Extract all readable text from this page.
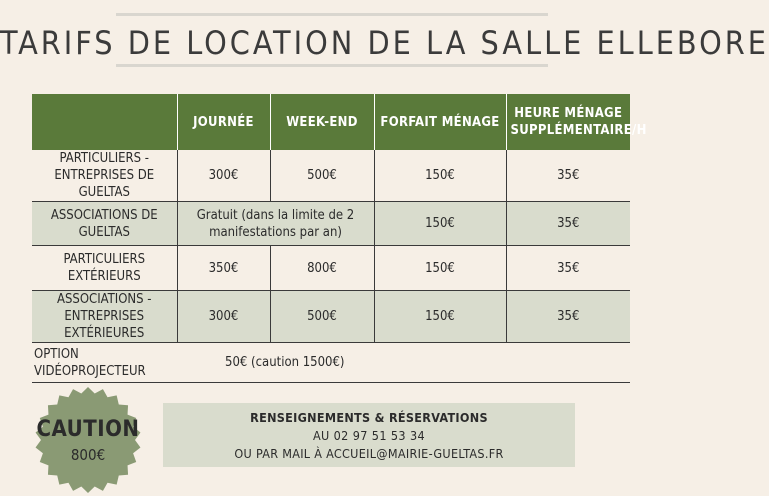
TARIFS DE LOCATION DE LA SALLE ELLEBORE
	JOURNÉE	WEEK-END	FORFAIT MÉNAGE	HEURE MÉNAGE SUPPLÉMENTAIRE/H
PARTICULIERS - ENTREPRISES DE GUELTAS	300€	500€	150€	35€
ASSOCIATIONS DE GUELTAS	Gratuit (dans la limite de 2 manifestations par an)		150€	35€
PARTICULIERS EXTÉRIEURS	350€	800€	150€	35€
ASSOCIATIONS - ENTREPRISES EXTÉRIEURES	300€	500€	150€	35€
OPTION VIDÉOPROJECTEUR	50€ (caution 1500€)			
CAUTION
800€
RENSEIGNEMENTS & RÉSERVATIONS
AU 02 97 51 53 34
OU PAR MAIL À ACCUEIL@MAIRIE-GUELTAS.FR
